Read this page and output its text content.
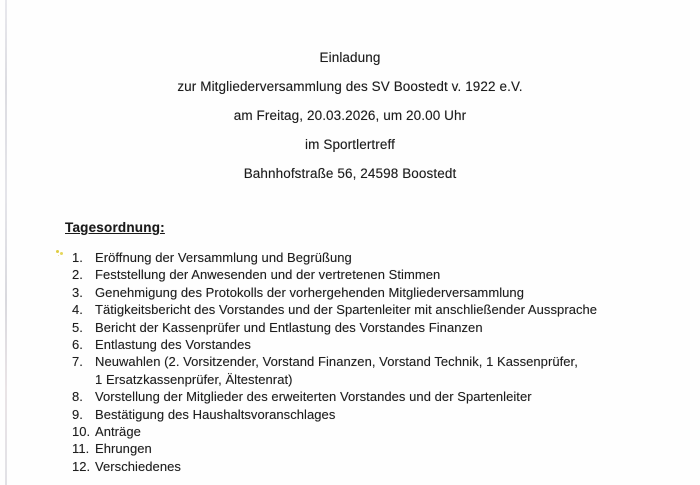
Einladung
zur Mitgliederversammlung des SV Boostedt v. 1922 e.V.
am Freitag, 20.03.2026, um 20.00 Uhr
im Sportlertreff
Bahnhofstraße 56, 24598 Boostedt
Tagesordnung:
1. Eröffnung der Versammlung und Begrüßung
2. Feststellung der Anwesenden und der vertretenen Stimmen
3. Genehmigung des Protokolls der vorhergehenden Mitgliederversammlung
4. Tätigkeitsbericht des Vorstandes und der Spartenleiter mit anschließender Aussprache
5. Bericht der Kassenprüfer und Entlastung des Vorstandes Finanzen
6. Entlastung des Vorstandes
7. Neuwahlen (2. Vorsitzender, Vorstand Finanzen, Vorstand Technik, 1 Kassenprüfer,
1 Ersatzkassenprüfer, Ältestenrat)
8. Vorstellung der Mitglieder des erweiterten Vorstandes und der Spartenleiter
9. Bestätigung des Haushaltsvoranschlages
10. Anträge
11. Ehrungen
12. Verschiedenes
